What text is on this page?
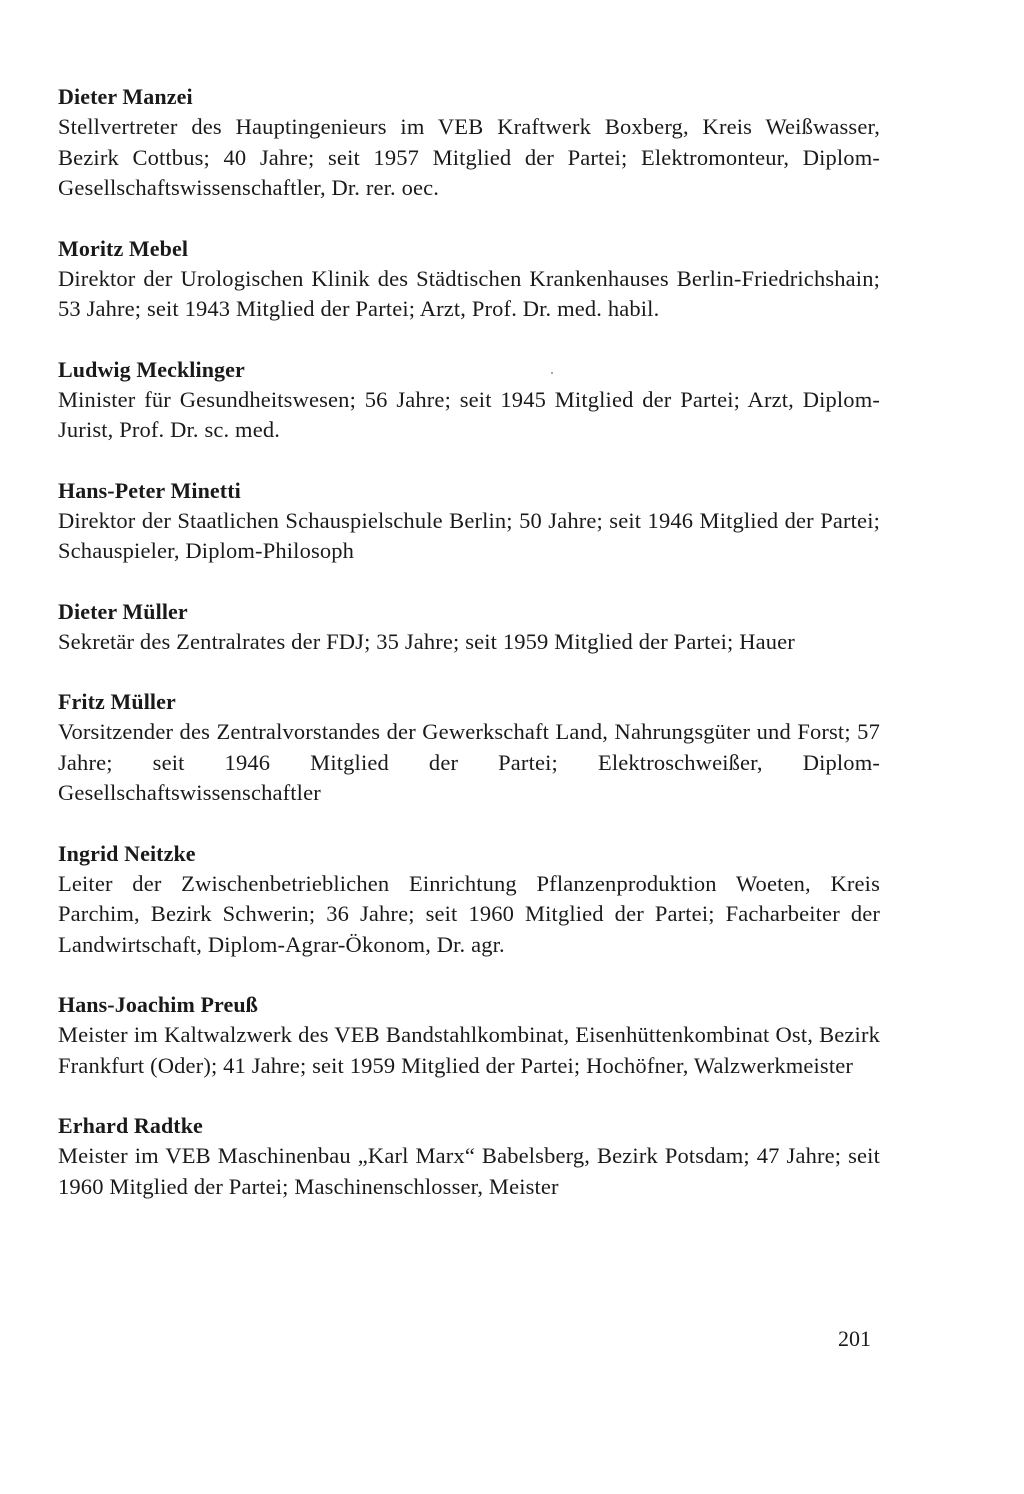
Dieter Manzei
Stellvertreter des Hauptingenieurs im VEB Kraftwerk Boxberg, Kreis Weißwasser, Bezirk Cottbus; 40 Jahre; seit 1957 Mitglied der Partei; Elektromonteur, Diplom-Gesellschaftswissenschaftler, Dr. rer. oec.
Moritz Mebel
Direktor der Urologischen Klinik des Städtischen Krankenhauses Berlin-Friedrichshain; 53 Jahre; seit 1943 Mitglied der Partei; Arzt, Prof. Dr. med. habil.
Ludwig Mecklinger
Minister für Gesundheitswesen; 56 Jahre; seit 1945 Mitglied der Partei; Arzt, Diplom-Jurist, Prof. Dr. sc. med.
Hans-Peter Minetti
Direktor der Staatlichen Schauspielschule Berlin; 50 Jahre; seit 1946 Mitglied der Partei; Schauspieler, Diplom-Philosoph
Dieter Müller
Sekretär des Zentralrates der FDJ; 35 Jahre; seit 1959 Mitglied der Partei; Hauer
Fritz Müller
Vorsitzender des Zentralvorstandes der Gewerkschaft Land, Nahrungsgüter und Forst; 57 Jahre; seit 1946 Mitglied der Partei; Elektroschweißer, Diplom-Gesellschaftswissenschaftler
Ingrid Neitzke
Leiter der Zwischenbetrieblichen Einrichtung Pflanzenproduktion Woeten, Kreis Parchim, Bezirk Schwerin; 36 Jahre; seit 1960 Mitglied der Partei; Facharbeiter der Landwirtschaft, Diplom-Agrar-Ökonom, Dr. agr.
Hans-Joachim Preuß
Meister im Kaltwalzwerk des VEB Bandstahlkombinat, Eisenhüttenkombinat Ost, Bezirk Frankfurt (Oder); 41 Jahre; seit 1959 Mitglied der Partei; Hochöfner, Walzwerkmeister
Erhard Radtke
Meister im VEB Maschinenbau „Karl Marx“ Babelsberg, Bezirk Potsdam; 47 Jahre; seit 1960 Mitglied der Partei; Maschinenschlosser, Meister
201
